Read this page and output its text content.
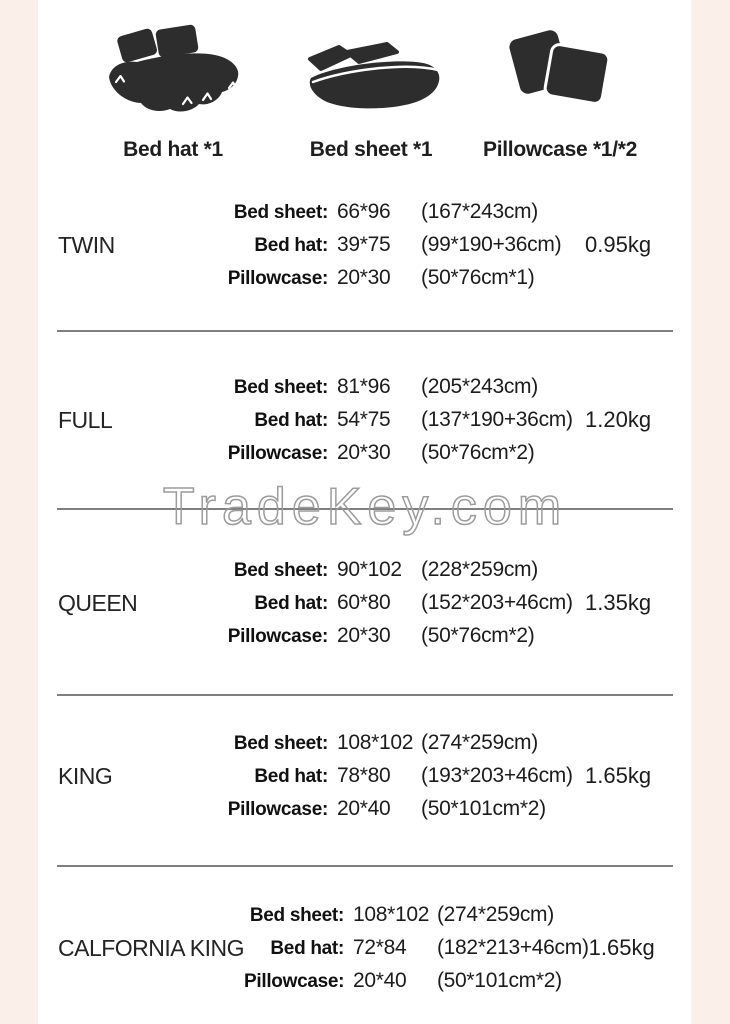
Bed hat *1	Bed sheet *1 Pillowcase *1/*2
TWIN
Bed sheet: 66*96	(167*243cm)
Bed hat: 39*75	(99*190+36cm)
Pillowcase: 20*30	(50*76cm*1)
0.95kg
FULL
Bed sheet: 81*96	(205*243cm)
Bed hat: 54*75	(137*190+36cm)
Pillowcase: 20*30	(50*76cm*2)
1.20kg
QUEEN
Bed sheet: 90*102 (228*259cm)
Bed hat: 60*80	(152*203+46cm)
Pillowcase: 20*30	(50*76cm*2)
1.35kg
KING
Bed sheet: 108*102 (274*259cm)
Bed hat: 78*80	(193*203+46cm)
Pillowcase: 20*40	(50*101cm*2)
1.65kg
CALFORNIA KING
Bed sheet: 108*102 (274*259cm)
Bed hat: 72*84	(182*213+46cm)
Pillowcase: 20*40	(50*101cm*2)
1.65kg
TradeKey.com
